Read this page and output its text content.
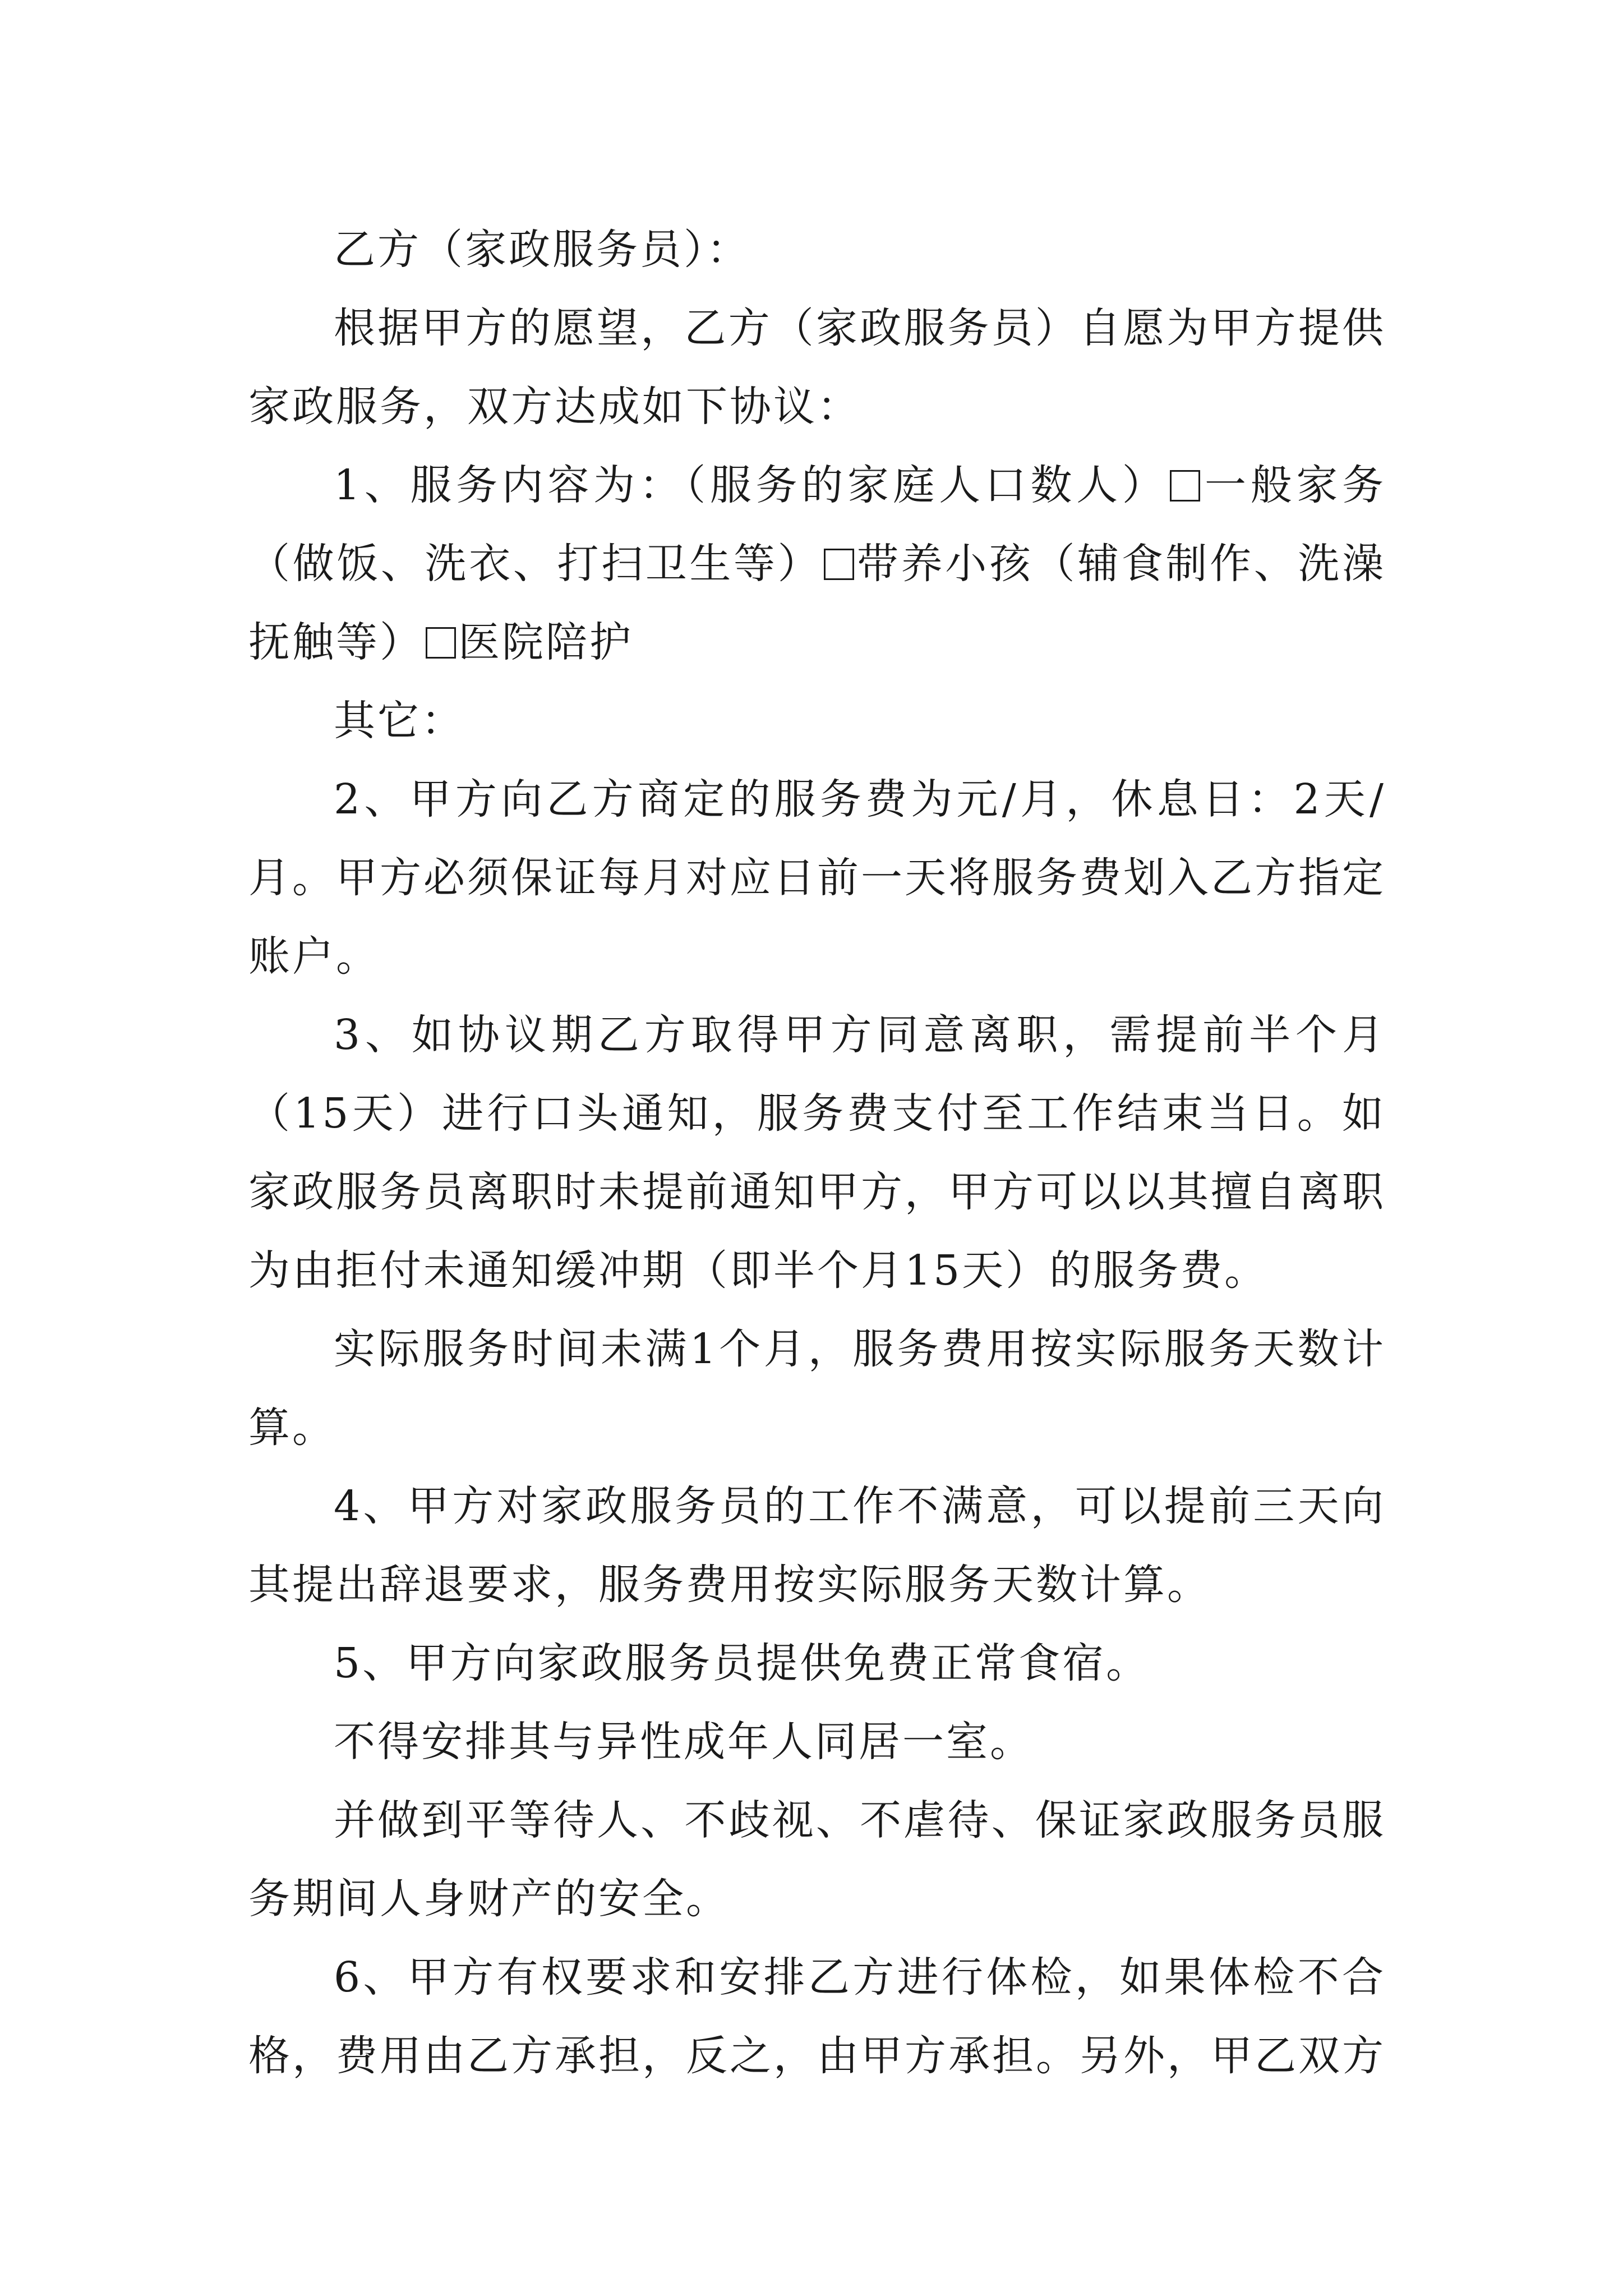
乙方（家政服务员）：

根据甲方的愿望，乙方（家政服务员）自愿为甲方提供家政服务，双方达成如下协议：

1、服务内容为：（服务的家庭人口数人） 一般家务（做饭、洗衣、打扫卫生等） 带养小孩（辅食制作、洗澡抚触等） 医院陪护

其它：

2、甲方向乙方商定的服务费为元/月，休息日：2天/月。甲方必须保证每月对应日前一天将服务费划入乙方指定账户。

3、如协议期乙方取得甲方同意离职，需提前半个月（15天）进行口头通知，服务费支付至工作结束当日。如家政服务员离职时未提前通知甲方，甲方可以以其擅自离职为由拒付未通知缓冲期（即半个月15天）的服务费。

实际服务时间未满1个月，服务费用按实际服务天数计算。

4、甲方对家政服务员的工作不满意，可以提前三天向其提出辞退要求，服务费用按实际服务天数计算。

5、甲方向家政服务员提供免费正常食宿。

不得安排其与异性成年人同居一室。

并做到平等待人、不歧视、不虐待、保证家政服务员服务期间人身财产的安全。

6、甲方有权要求和安排乙方进行体检，如果体检不合格，费用由乙方承担，反之，由甲方承担。另外，甲乙双方
